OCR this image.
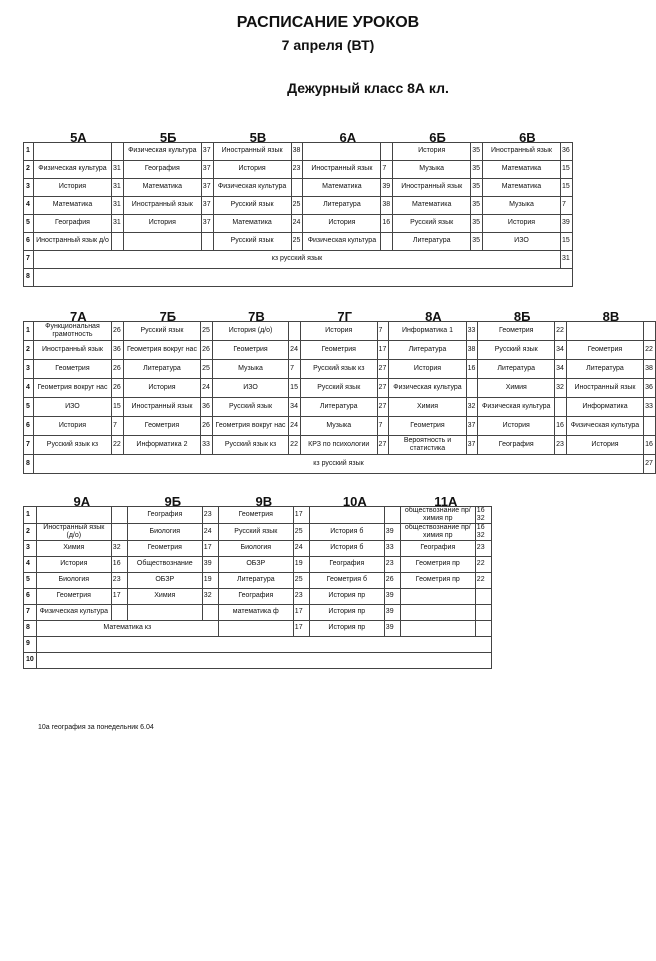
РАСПИСАНИЕ УРОКОВ
7 апреля (ВТ)
Дежурный класс 8А кл.
	5А		5Б		5В		6А		6Б		6В	
1			Физическая культура	37	Иностранный язык	38			История	35	Иностранный язык	36
2	Физическая культура	31	География	37	История	23	Иностранный язык	7	Музыка	35	Математика	15
3	История	31	Математика	37	Физическая культура		Математика	39	Иностранный язык	35	Математика	15
4	Математика	31	Иностранный язык	37	Русский язык	25	Литература	38	Математика	35	Музыка	7
5	География	31	История	37	Математика	24	История	16	Русский язык	35	История	39
6	Иностранный язык д/о				Русский язык	25	Физическая культура		Литература	35	ИЗО	15
7	кз русский язык											31
8												
	7А		7Б		7В		7Г		8А		8Б		8В	
1	Функциональная грамотность	26	Русский язык	25	История (д/о)		История	7	Информатика 1	33	Геометрия	22		
2	Иностранный язык	36	Геометрия вокруг нас	26	Геометрия	24	Геометрия	17	Литература	38	Русский язык	34	Геометрия	22
3	Геометрия	26	Литература	25	Музыка	7	Русский язык кз	27	История	16	Литература	34	Литература	38
4	Геометрия вокруг нас	26	История	24	ИЗО	15	Русский язык	27	Физическая культура		Химия	32	Иностранный язык	36
5	ИЗО	15	Иностранный язык	36	Русский язык	34	Литература	27	Химия	32	Физическая культура		Информатика	33
6	История	7	Геометрия	26	Геометрия вокруг нас	24	Музыка	7	Геометрия	37	История	16	Физическая культура	
7	Русский язык кз	22	Информатика 2	33	Русский язык кз	22	КРЗ по психологии	27	Вероятность и статистика	37	География	23	История	16
8	кз русский язык													27
	9А		9Б		9В		10А		11А	
1			География	23	Геометрия	17			обществознание пр/ химия пр	16 32
2	Иностранный язык (д/о)		Биология	24	Русский язык	25	История б	39	обществознание пр/ химия пр	16 32
3	Химия	32	Геометрия	17	Биология	24	История б	33	География	23
4	История	16	Обществознание	39	ОБЗР	19	География	23	Геометрия пр	22
5	Биология	23	ОБЗР	19	Литература	25	Геометрия б	26	Геометрия пр	22
6	Геометрия	17	Химия	32	География	23	История пр	39		
7	Физическая культура				математика ф	17	История пр	39		
8	Математика кз					17	История пр	39		
9										
10										
10а география за понедельник 6.04
